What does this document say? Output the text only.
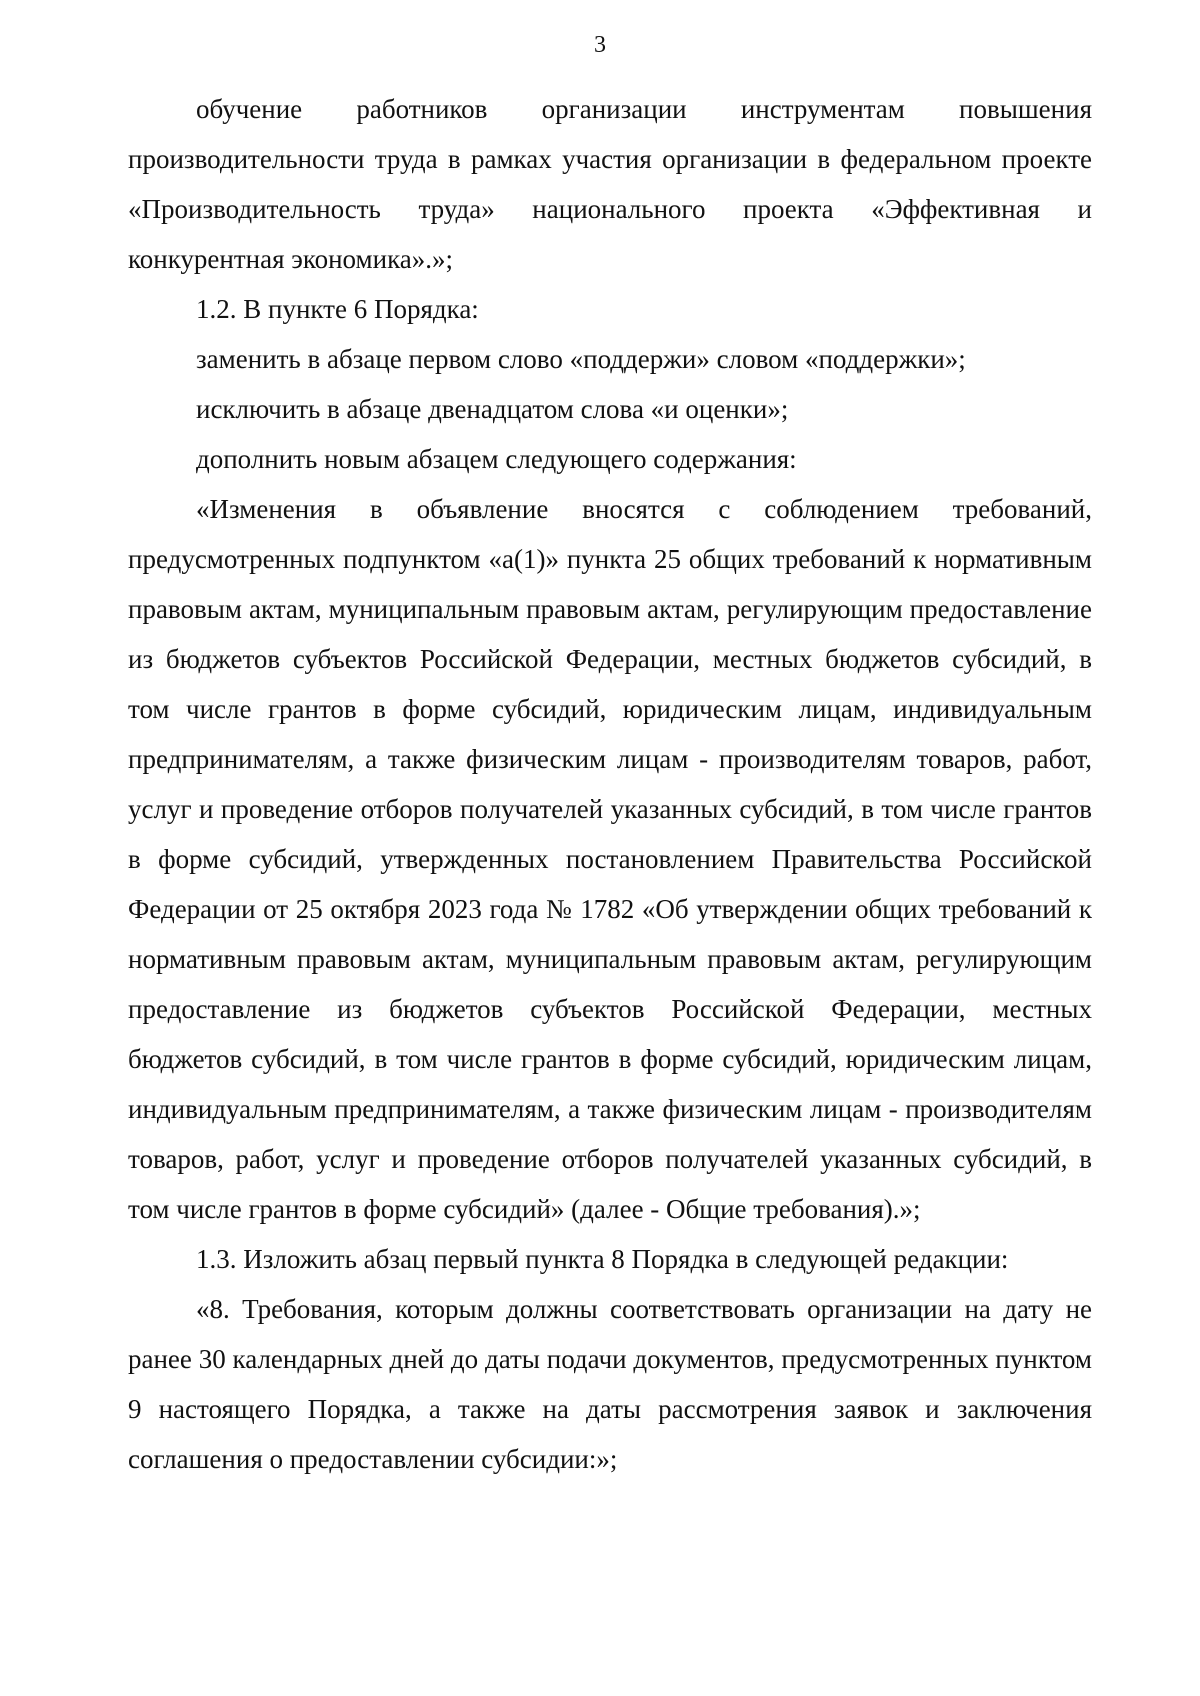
3

обучение работников организации инструментам повышения производительности труда в рамках участия организации в федеральном проекте «Производительность труда» национального проекта «Эффективная и конкурентная экономика».»;

1.2. В пункте 6 Порядка:

заменить в абзаце первом слово «поддержи» словом «поддержки»;

исключить в абзаце двенадцатом слова «и оценки»;

дополнить новым абзацем следующего содержания:

«Изменения в объявление вносятся с соблюдением требований, предусмотренных подпунктом «а(1)» пункта 25 общих требований к нормативным правовым актам, муниципальным правовым актам, регулирующим предоставление из бюджетов субъектов Российской Федерации, местных бюджетов субсидий, в том числе грантов в форме субсидий, юридическим лицам, индивидуальным предпринимателям, а также физическим лицам - производителям товаров, работ, услуг и проведение отборов получателей указанных субсидий, в том числе грантов в форме субсидий, утвержденных постановлением Правительства Российской Федерации от 25 октября 2023 года № 1782 «Об утверждении общих требований к нормативным правовым актам, муниципальным правовым актам, регулирующим предоставление из бюджетов субъектов Российской Федерации, местных бюджетов субсидий, в том числе грантов в форме субсидий, юридическим лицам, индивидуальным предпринимателям, а также физическим лицам - производителям товаров, работ, услуг и проведение отборов получателей указанных субсидий, в том числе грантов в форме субсидий» (далее - Общие требования).»;

1.3. Изложить абзац первый пункта 8 Порядка в следующей редакции:

«8. Требования, которым должны соответствовать организации на дату не ранее 30 календарных дней до даты подачи документов, предусмотренных пунктом 9 настоящего Порядка, а также на даты рассмотрения заявок и заключения соглашения о предоставлении субсидии:»;
